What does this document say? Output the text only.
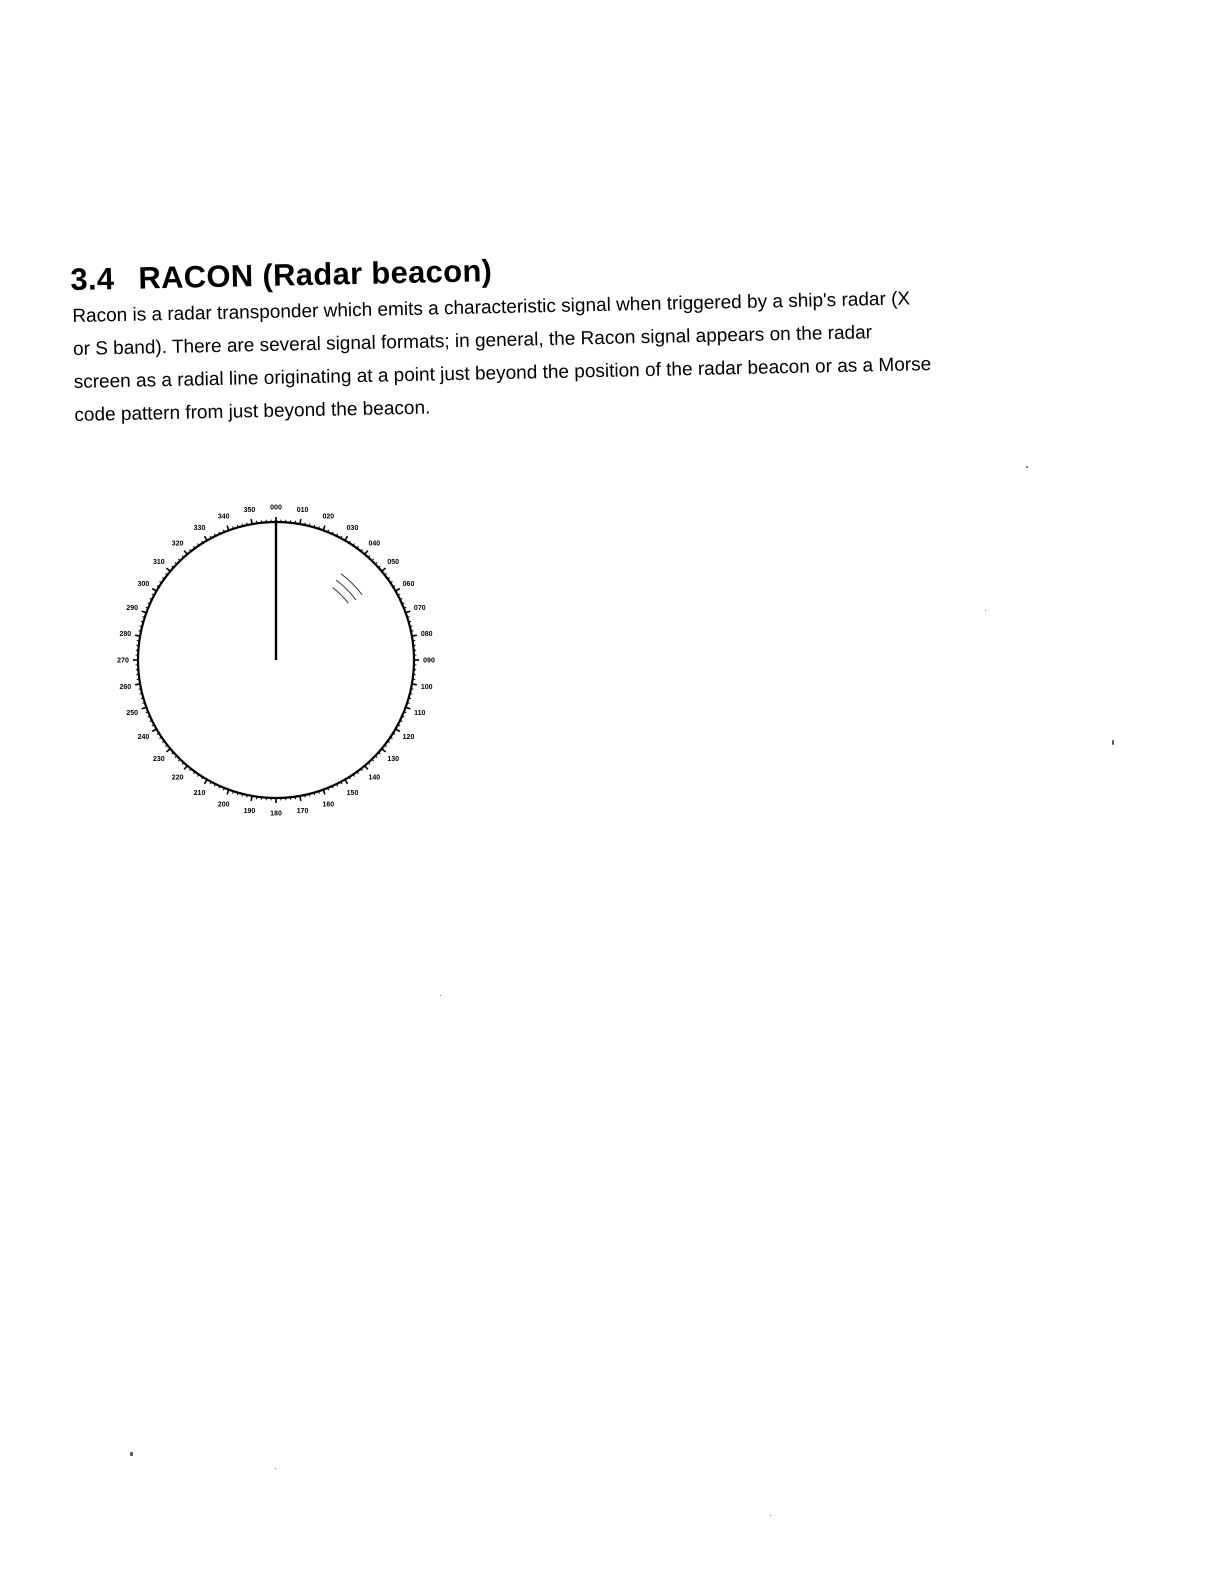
3.4 RACON (Radar beacon)
Racon is a radar transponder which emits a characteristic signal when triggered by a ship's radar (X
or S band). There are several signal formats; in general, the Racon signal appears on the radar
screen as a radial line originating at a point just beyond the position of the radar beacon or as a Morse
code pattern from just beyond the beacon.
000 010
020
030
040
050
060
070
080
090
100
110
120
130
140
150
160
170
180
190
200
210
220
230
240
250
260
270
280
290
300
310
320
330
340
350
